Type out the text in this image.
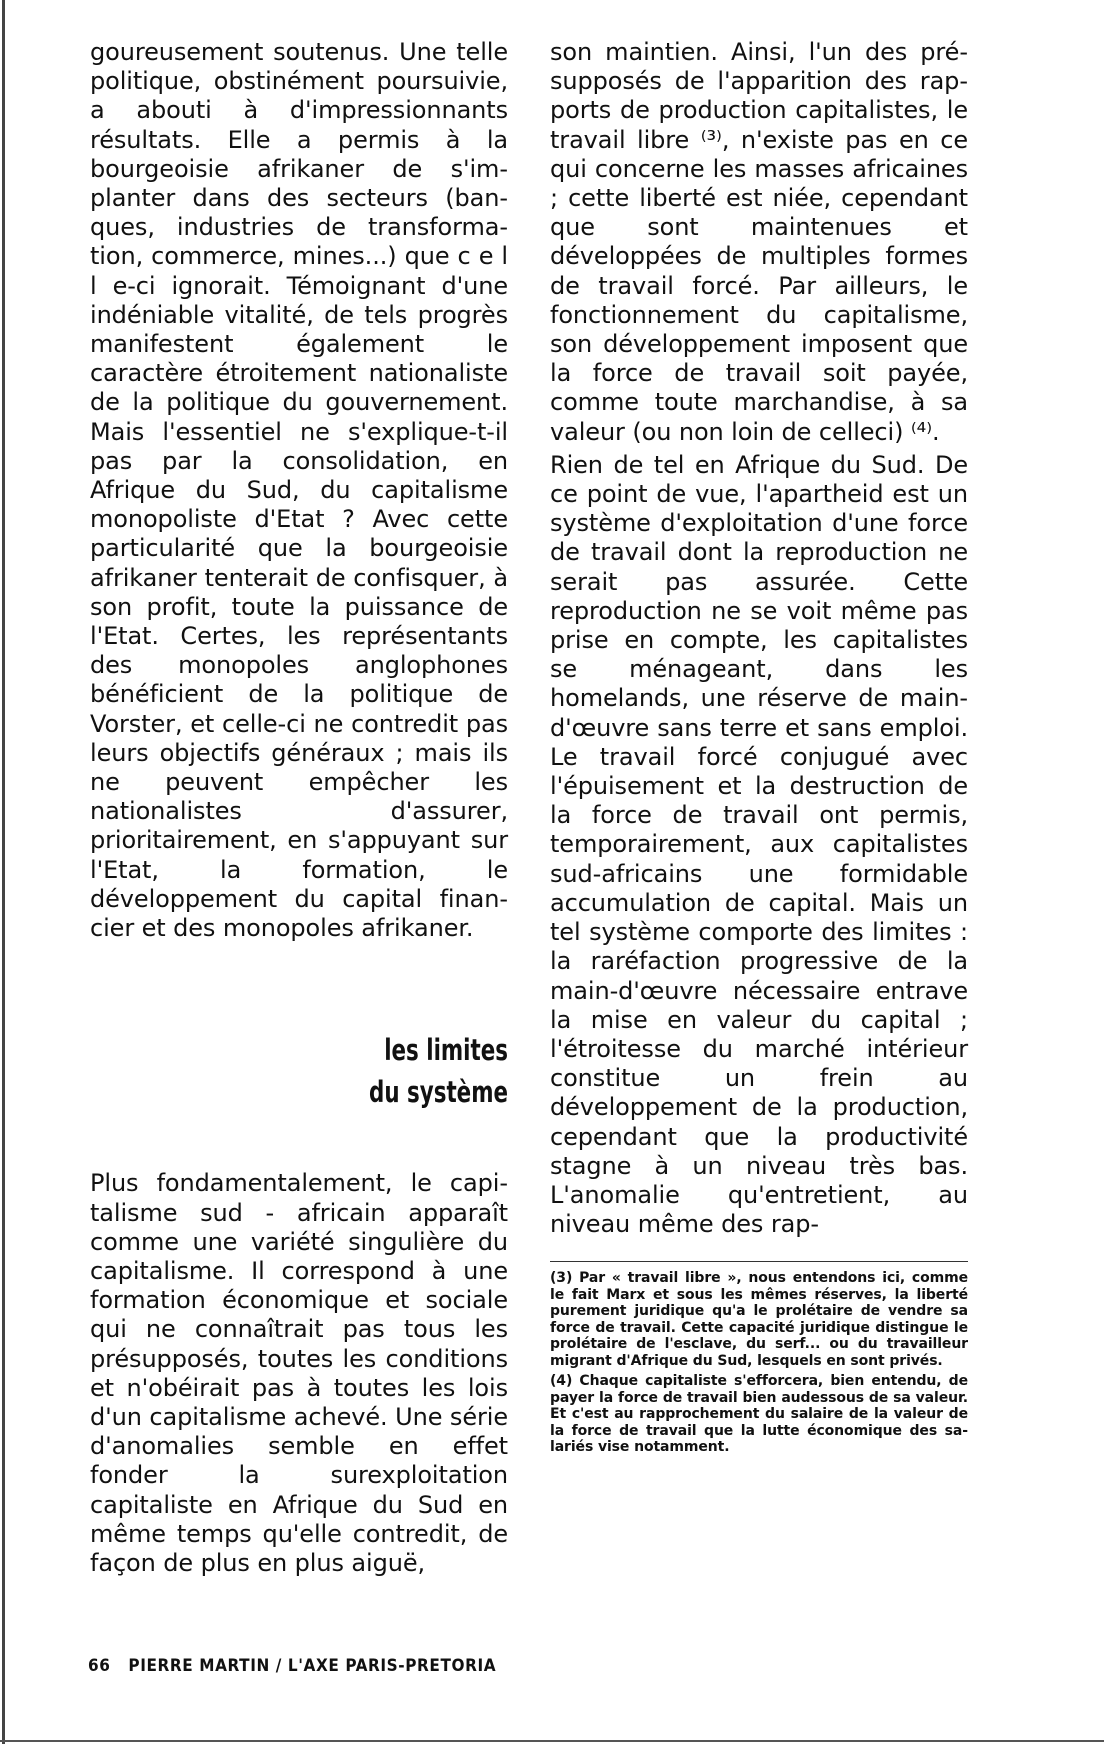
goureusement soutenus. Une telle politique, obstinément poursuivie, a abouti à d'impressionnants résultats. Elle a permis à la bourgeoisie afrikaner de s'implanter dans des secteurs (banques, industries de transformation, commerce, mines...) que c e l l e-ci ignorait. Témoignant d'une indéniable vitalité, de tels progrès manifestent également le caractère étroitement nationaliste de la politique du gouvernement. Mais l'essentiel ne s'explique-t-il pas par la consolidation, en Afrique du Sud, du capitalisme monopoliste d'Etat ? Avec cette particularité que la bourgeoisie afrikaner tenterait de confisquer, à son profit, toute la puissance de l'Etat. Certes, les représentants des monopoles anglophones bénéficient de la politique de Vorster, et celle-ci ne contredit pas leurs objectifs généraux ; mais ils ne peuvent empêcher les nationalistes d'assurer, prioritairement, en s'appuyant sur l'Etat, la formation, le développement du capital financier et des monopoles afrikaner.

les limites
du système

Plus fondamentalement, le capitalisme sud - africain apparaît comme une variété singulière du capitalisme. Il correspond à une formation économique et sociale qui ne connaîtrait pas tous les présupposés, toutes les conditions et n'obéirait pas à toutes les lois d'un capitalisme achevé. Une série d'anomalies semble en effet fonder la surexploitation capitaliste en Afrique du Sud en même temps qu'elle contredit, de façon de plus en plus aiguë,

son maintien. Ainsi, l'un des présupposés de l'apparition des rapports de production capitalistes, le travail libre ⁽³⁾, n'existe pas en ce qui concerne les masses africaines ; cette liberté est niée, cependant que sont maintenues et développées de multiples formes de travail forcé. Par ailleurs, le fonctionnement du capitalisme, son développement imposent que la force de travail soit payée, comme toute marchandise, à sa valeur (ou non loin de celleci) ⁽⁴⁾.

Rien de tel en Afrique du Sud. De ce point de vue, l'apartheid est un système d'exploitation d'une force de travail dont la reproduction ne serait pas assurée. Cette reproduction ne se voit même pas prise en compte, les capitalistes se ménageant, dans les homelands, une réserve de main-d'œuvre sans terre et sans emploi. Le travail forcé conjugué avec l'épuisement et la destruction de la force de travail ont permis, temporairement, aux capitalistes sud-africains une formidable accumulation de capital. Mais un tel système comporte des limites : la raréfaction progressive de la main-d'œuvre nécessaire entrave la mise en valeur du capital ; l'étroitesse du marché intérieur constitue un frein au développement de la production, cependant que la productivité stagne à un niveau très bas. L'anomalie qu'entretient, au niveau même des rap-

(3) Par « travail libre », nous entendons ici, comme le fait Marx et sous les mêmes réserves, la liberté purement juridique qu'a le prolétaire de vendre sa force de travail. Cette capacité juridique distingue le prolétaire de l'esclave, du serf... ou du travailleur migrant d'Afrique du Sud, lesquels en sont privés.

(4) Chaque capitaliste s'efforcera, bien entendu, de payer la force de travail bien audessous de sa valeur. Et c'est au rapprochement du salaire de la valeur de la force de travail que la lutte économique des salariés vise notamment.

66 PIERRE MARTIN / L'AXE PARIS-PRETORIA
